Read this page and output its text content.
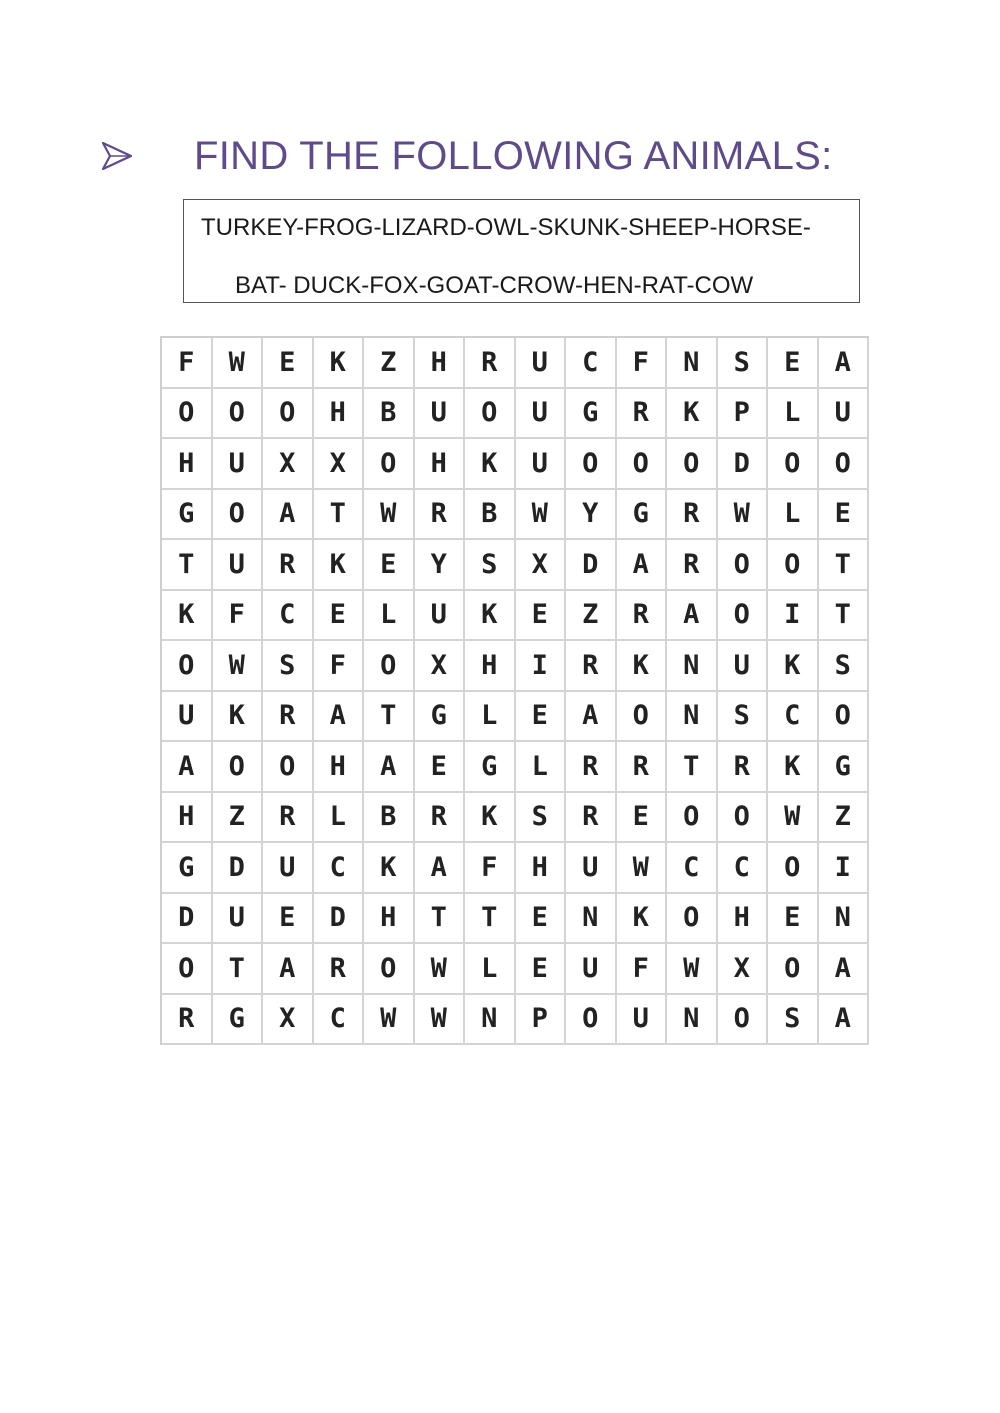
FIND THE FOLLOWING ANIMALS:
TURKEY-FROG-LIZARD-OWL-SKUNK-SHEEP-HORSE-
BAT- DUCK-FOX-GOAT-CROW-HEN-RAT-COW
F	W	E	K	Z	H	R	U	C	F	N	S	E	A
O	O	O	H	B	U	O	U	G	R	K	P	L	U
H	U	X	X	O	H	K	U	O	O	O	D	O	O
G	O	A	T	W	R	B	W	Y	G	R	W	L	E
T	U	R	K	E	Y	S	X	D	A	R	O	O	T
K	F	C	E	L	U	K	E	Z	R	A	O	I	T
O	W	S	F	O	X	H	I	R	K	N	U	K	S
U	K	R	A	T	G	L	E	A	O	N	S	C	O
A	O	O	H	A	E	G	L	R	R	T	R	K	G
H	Z	R	L	B	R	K	S	R	E	O	O	W	Z
G	D	U	C	K	A	F	H	U	W	C	C	O	I
D	U	E	D	H	T	T	E	N	K	O	H	E	N
O	T	A	R	O	W	L	E	U	F	W	X	O	A
R	G	X	C	W	W	N	P	O	U	N	O	S	A
